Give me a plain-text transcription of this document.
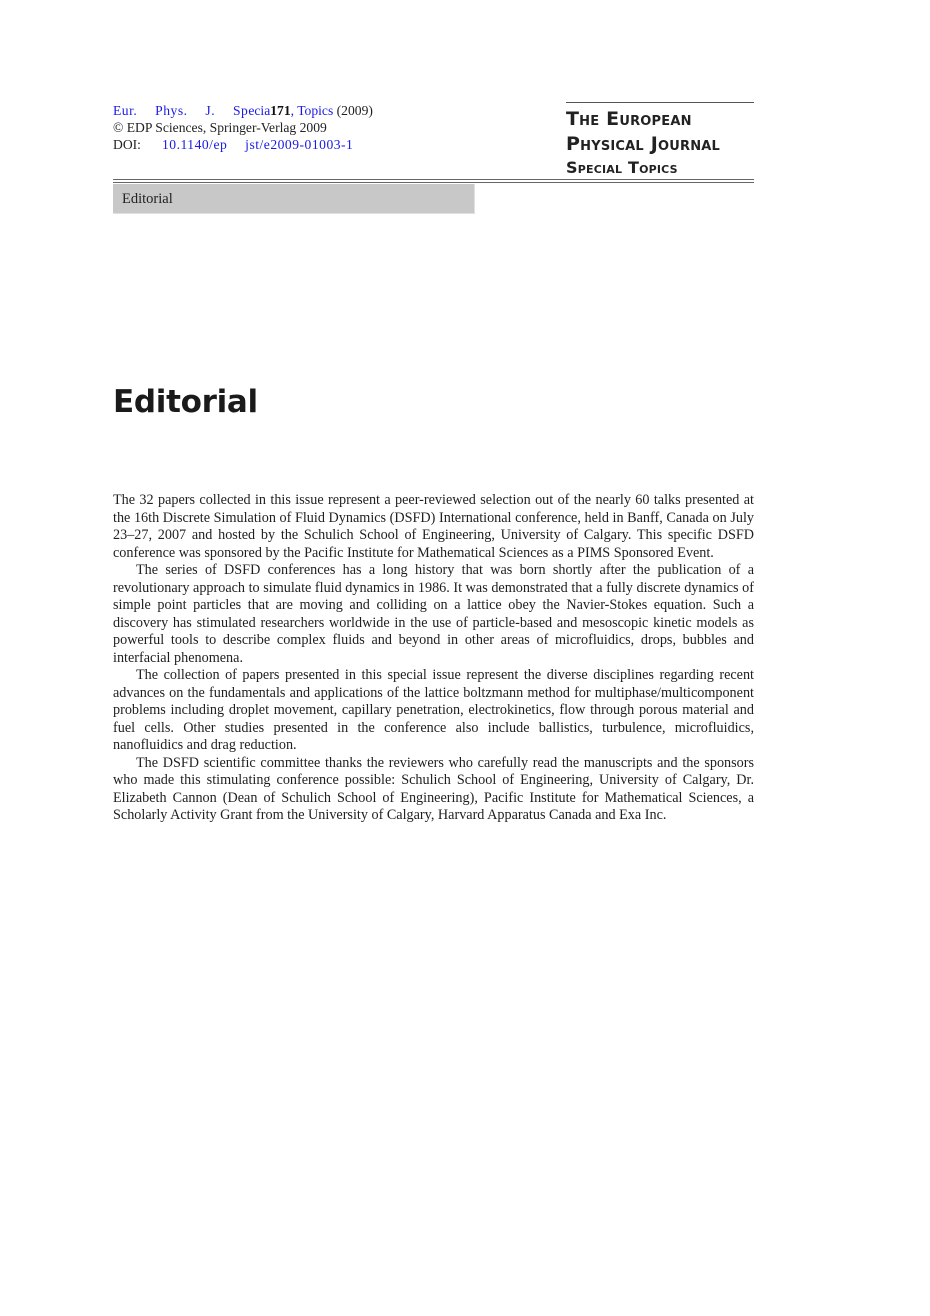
Eur. Phys. J. Specia171, Topics (2009)
© EDP Sciences, Springer-Verlag 2009
DOI: 10.1140/ep jst/e2009-01003-1
The European
Physical Journal
Special Topics
Editorial
Editorial

The 32 papers collected in this issue represent a peer-reviewed selection out of the nearly 60 talks presented at the 16th Discrete Simulation of Fluid Dynamics (DSFD) International conference, held in Banff, Canada on July 23–27, 2007 and hosted by the Schulich School of Engineering, University of Calgary. This specific DSFD conference was sponsored by the Pacific Institute for Mathematical Sciences as a PIMS Sponsored Event.

The series of DSFD conferences has a long history that was born shortly after the publication of a revolutionary approach to simulate fluid dynamics in 1986. It was demonstrated that a fully discrete dynamics of simple point particles that are moving and colliding on a lattice obey the Navier-Stokes equation. Such a discovery has stimulated researchers worldwide in the use of particle-based and mesoscopic kinetic models as powerful tools to describe complex fluids and beyond in other areas of microfluidics, drops, bubbles and interfacial phenomena.

The collection of papers presented in this special issue represent the diverse disciplines regarding recent advances on the fundamentals and applications of the lattice boltzmann method for multiphase/multicomponent problems including droplet movement, capillary penetration, electrokinetics, flow through porous material and fuel cells. Other studies presented in the conference also include ballistics, turbulence, microfluidics, nanofluidics and drag reduction.

The DSFD scientific committee thanks the reviewers who carefully read the manuscripts and the sponsors who made this stimulating conference possible: Schulich School of Engineering, University of Calgary, Dr. Elizabeth Cannon (Dean of Schulich School of Engineering), Pacific Institute for Mathematical Sciences, a Scholarly Activity Grant from the University of Calgary, Harvard Apparatus Canada and Exa Inc.
